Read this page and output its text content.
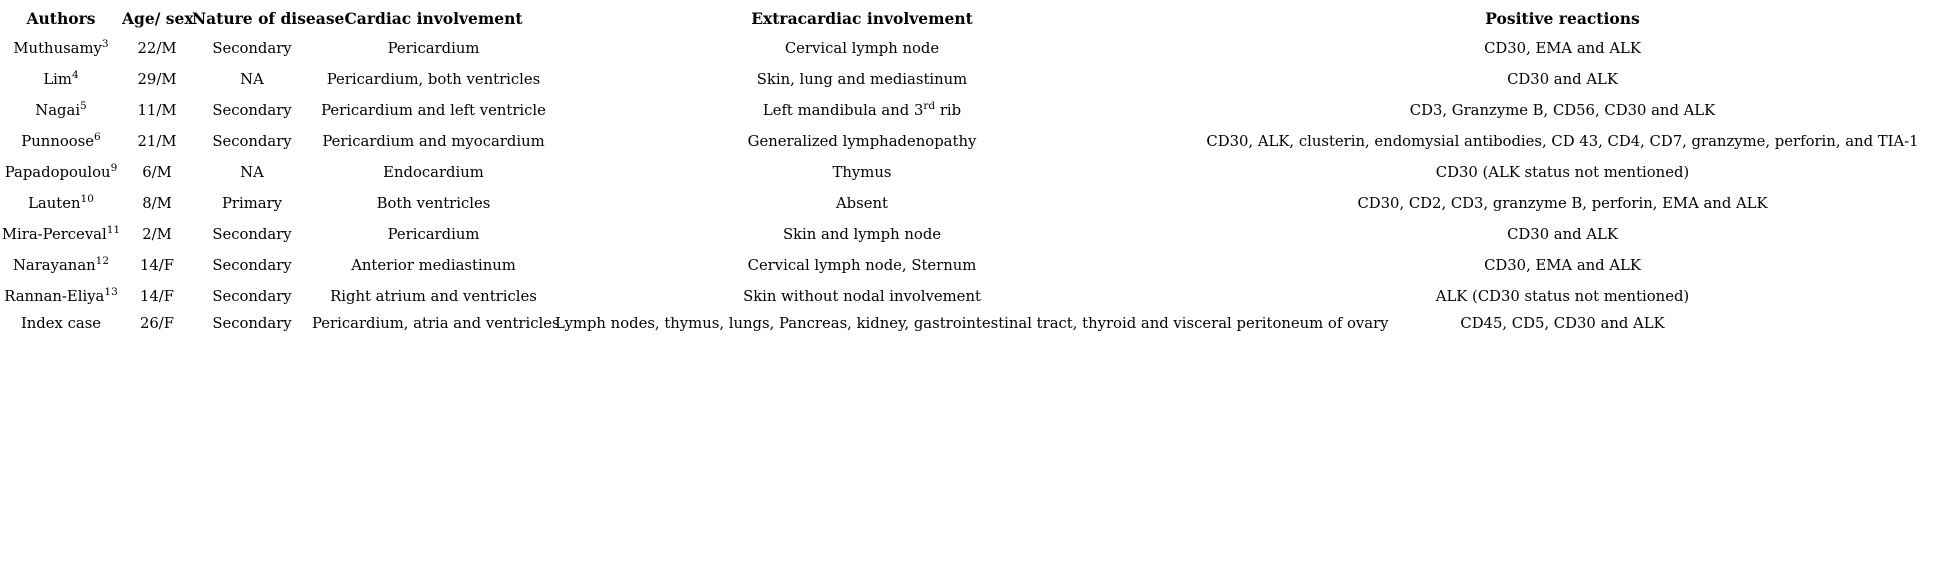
Authors	Age/ sex	Nature of disease	Cardiac involvement	Extracardiac involvement	Positive reactions
Muthusamy$^3$	22/M	Secondary	Pericardium	Cervical lymph node	CD30, EMA and ALK
Lim$^4$	29/M	NA	Pericardium, both ventricles	Skin, lung and mediastinum	CD30 and ALK
Nagai$^5$	11/M	Secondary	Pericardium and left ventricle	Left mandibula and 3rd rib	CD3, Granzyme B, CD56, CD30 and ALK
Punnoose$^6$	21/M	Secondary	Pericardium and myocardium	Generalized lymphadenopathy	CD30, ALK, clusterin, endomysial antibodies, CD 43, CD4, CD7, granzyme, perforin, and TIA-1
Papadopoulou$^9$	6/M	NA	Endocardium	Thymus	CD30 (ALK status not mentioned)
Lauten$^{10}$	8/M	Primary	Both ventricles	Absent	CD30, CD2, CD3, granzyme B, perforin, EMA and ALK
Mira-Perceval$^{11}$	2/M	Secondary	Pericardium	Skin and lymph node	CD30 and ALK
Narayanan$^{12}$	14/F	Secondary	Anterior mediastinum	Cervical lymph node, Sternum	CD30, EMA and ALK
Rannan-Eliya$^{13}$	14/F	Secondary	Right atrium and ventricles	Skin without nodal involvement	ALK (CD30 status not mentioned)
Index case	26/F	Secondary	Pericardium, atria and ventricles	Lymph nodes, thymus, lungs, Pancreas, kidney, gastrointestinal tract, thyroid and visceral peritoneum of ovary	CD45, CD5, CD30 and ALK
